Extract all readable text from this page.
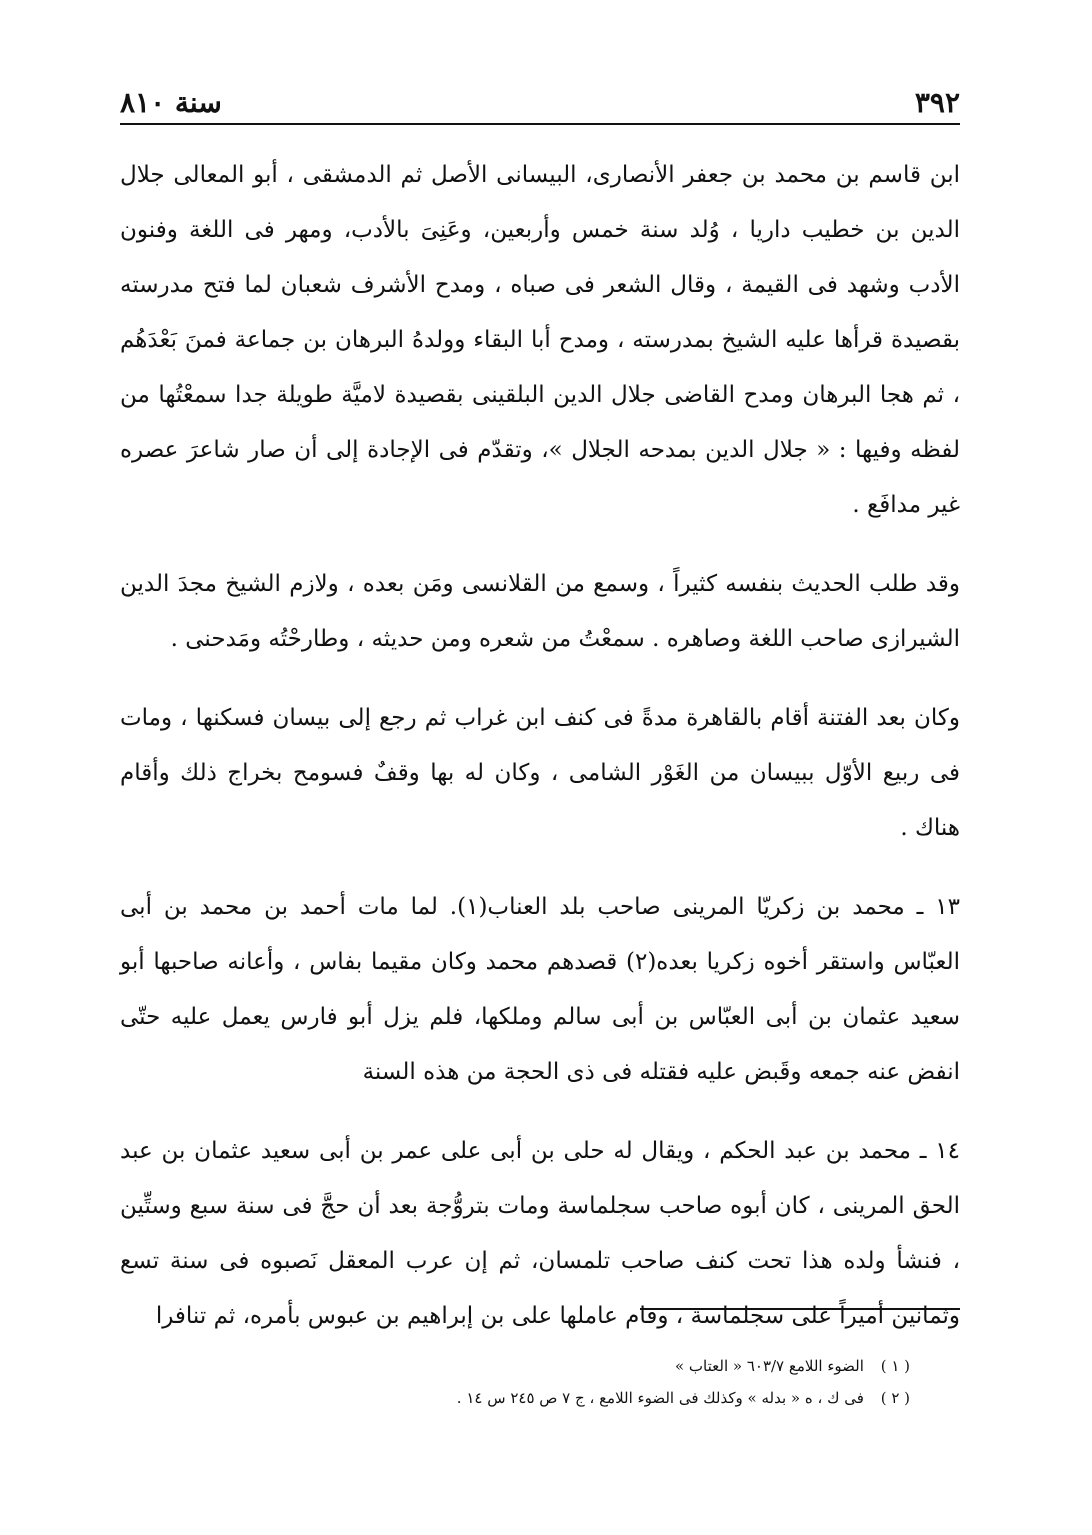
٣٩٢
سنة ٨١٠

ابن قاسم بن محمد بن جعفر الأنصارى، البيسانى الأصل ثم الدمشقى ، أبو المعالى جلال الدين بن خطيب داريا ، وُلد سنة خمس وأربعين، وعَنِىَ بالأدب، ومهر فى اللغة وفنون الأدب وشهد فى القيمة ، وقال الشعر فى صباه ، ومدح الأشرف شعبان لما فتح مدرسته بقصيدة قرأها عليه الشيخ بمدرسته ، ومدح أبا البقاء وولدهُ البرهان بن جماعة فمنَ بَعْدَهُم ، ثم هجا البرهان ومدح القاضى جلال الدين البلقينى بقصيدة لاميَّة طويلة جدا سمعْتُها من لفظه وفيها : « جلال الدين بمدحه الجلال »، وتقدّم فى الإجادة إلى أن صار شاعرَ عصره غير مدافَع .

وقد طلب الحديث بنفسه كثيراً ، وسمع من القلانسى ومَن بعده ، ولازم الشيخ مجدَ الدين الشيرازى صاحب اللغة وصاهره . سمعْتُ من شعره ومن حديثه ، وطارحْتُه ومَدحنى .

وكان بعد الفتنة أقام بالقاهرة مدةً فى كنف ابن غراب ثم رجع إلى بيسان فسكنها ، ومات فى ربيع الأوّل ببيسان من الغَوْر الشامى ، وكان له بها وقفٌ فسومح بخراج ذلك وأقام هناك .

١٣ ـ محمد بن زكريّا المرينى صاحب بلد العناب(١). لما مات أحمد بن محمد بن أبى العبّاس واستقر أخوه زكريا بعده(٢) قصدهم محمد وكان مقيما بفاس ، وأعانه صاحبها أبو سعيد عثمان بن أبى العبّاس بن أبى سالم وملكها، فلم يزل أبو فارس يعمل عليه حتّى انفض عنه جمعه وقَبض عليه فقتله فى ذى الحجة من هذه السنة

١٤ ـ محمد بن عبد الحكم ، ويقال له حلى بن أبى على عمر بن أبى سعيد عثمان بن عبد الحق المرينى ، كان أبوه صاحب سجلماسة ومات بتروُّجة بعد أن حجَّ فى سنة سبع وستِّين ، فنشأ ولده هذا تحت كنف صاحب تلمسان، ثم إن عرب المعقل نَصبوه فى سنة تسع وثمانين أميراً على سجلماسة ، وقام عاملها على بن إبراهيم بن عبوس بأمره، ثم تنافرا

( ١ ) الضوء اللامع ٦٠٣/٧ « العتاب »

( ٢ ) فى ك ، ه « بدله » وكذلك فى الضوء اللامع ، ج ٧ ص ٢٤٥ س ١٤ .
